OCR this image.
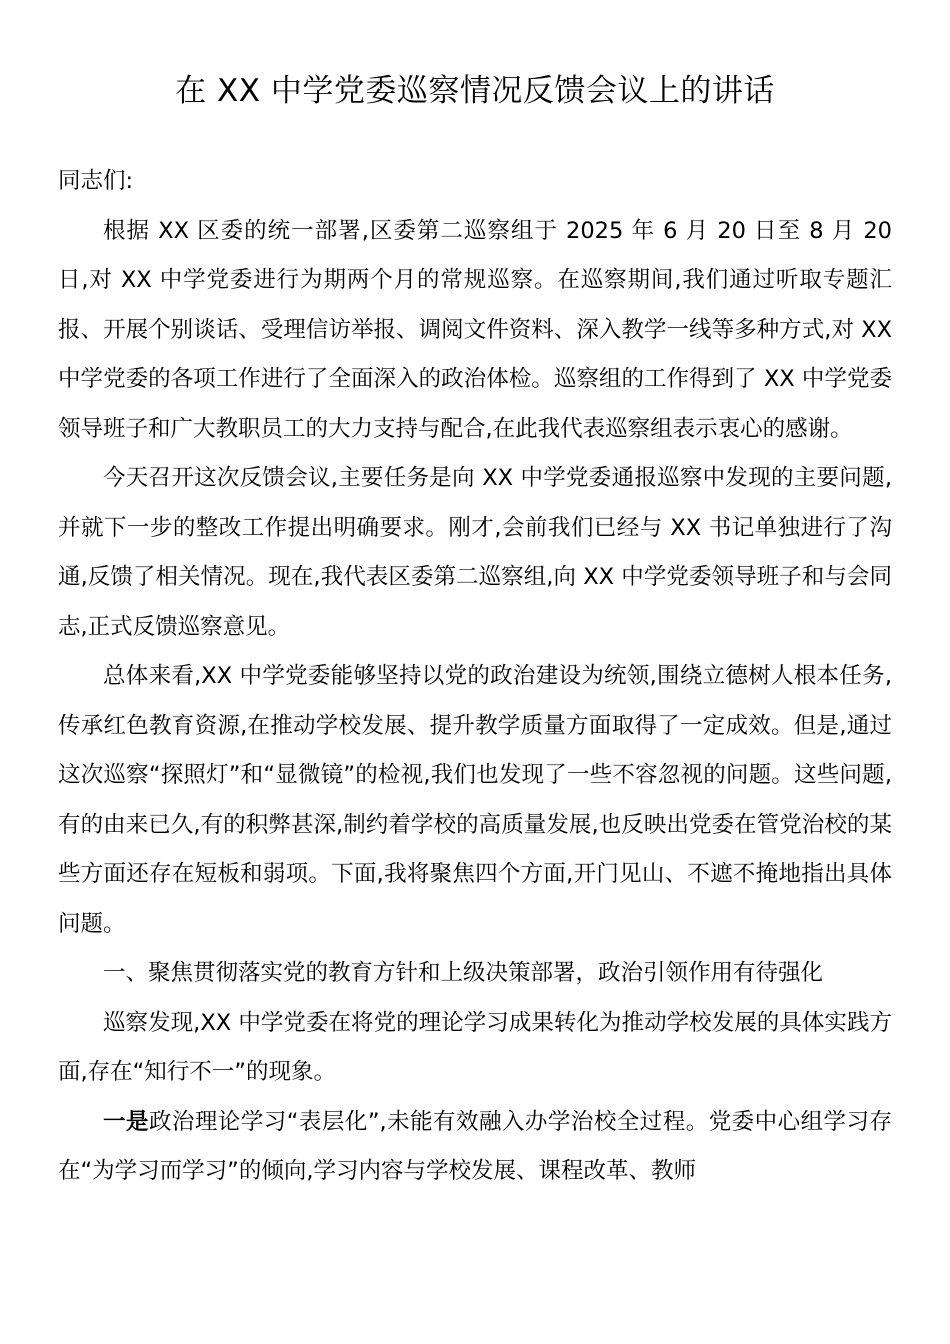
在 XX 中学党委巡察情况反馈会议上的讲话

同志们:

根据 XX 区委的统一部署,区委第二巡察组于 2025 年 6 月 20 日至 8 月 20 日,对 XX 中学党委进行为期两个月的常规巡察。在巡察期间,我们通过听取专题汇报、开展个别谈话、受理信访举报、调阅文件资料、深入教学一线等多种方式,对 XX 中学党委的各项工作进行了全面深入的政治体检。巡察组的工作得到了 XX 中学党委领导班子和广大教职员工的大力支持与配合,在此我代表巡察组表示衷心的感谢。

今天召开这次反馈会议,主要任务是向 XX 中学党委通报巡察中发现的主要问题,并就下一步的整改工作提出明确要求。刚才,会前我们已经与 XX 书记单独进行了沟通,反馈了相关情况。现在,我代表区委第二巡察组,向 XX 中学党委领导班子和与会同志,正式反馈巡察意见。

总体来看,XX 中学党委能够坚持以党的政治建设为统领,围绕立德树人根本任务,传承红色教育资源,在推动学校发展、提升教学质量方面取得了一定成效。但是,通过这次巡察“探照灯”和“显微镜”的检视,我们也发现了一些不容忽视的问题。这些问题,有的由来已久,有的积弊甚深,制约着学校的高质量发展,也反映出党委在管党治校的某些方面还存在短板和弱项。下面,我将聚焦四个方面,开门见山、不遮不掩地指出具体问题。

一、聚焦贯彻落实党的教育方针和上级决策部署，政治引领作用有待强化

巡察发现,XX 中学党委在将党的理论学习成果转化为推动学校发展的具体实践方面,存在“知行不一”的现象。

一是政治理论学习“表层化”,未能有效融入办学治校全过程。党委中心组学习存在“为学习而学习”的倾向,学习内容与学校发展、课程改革、教师
